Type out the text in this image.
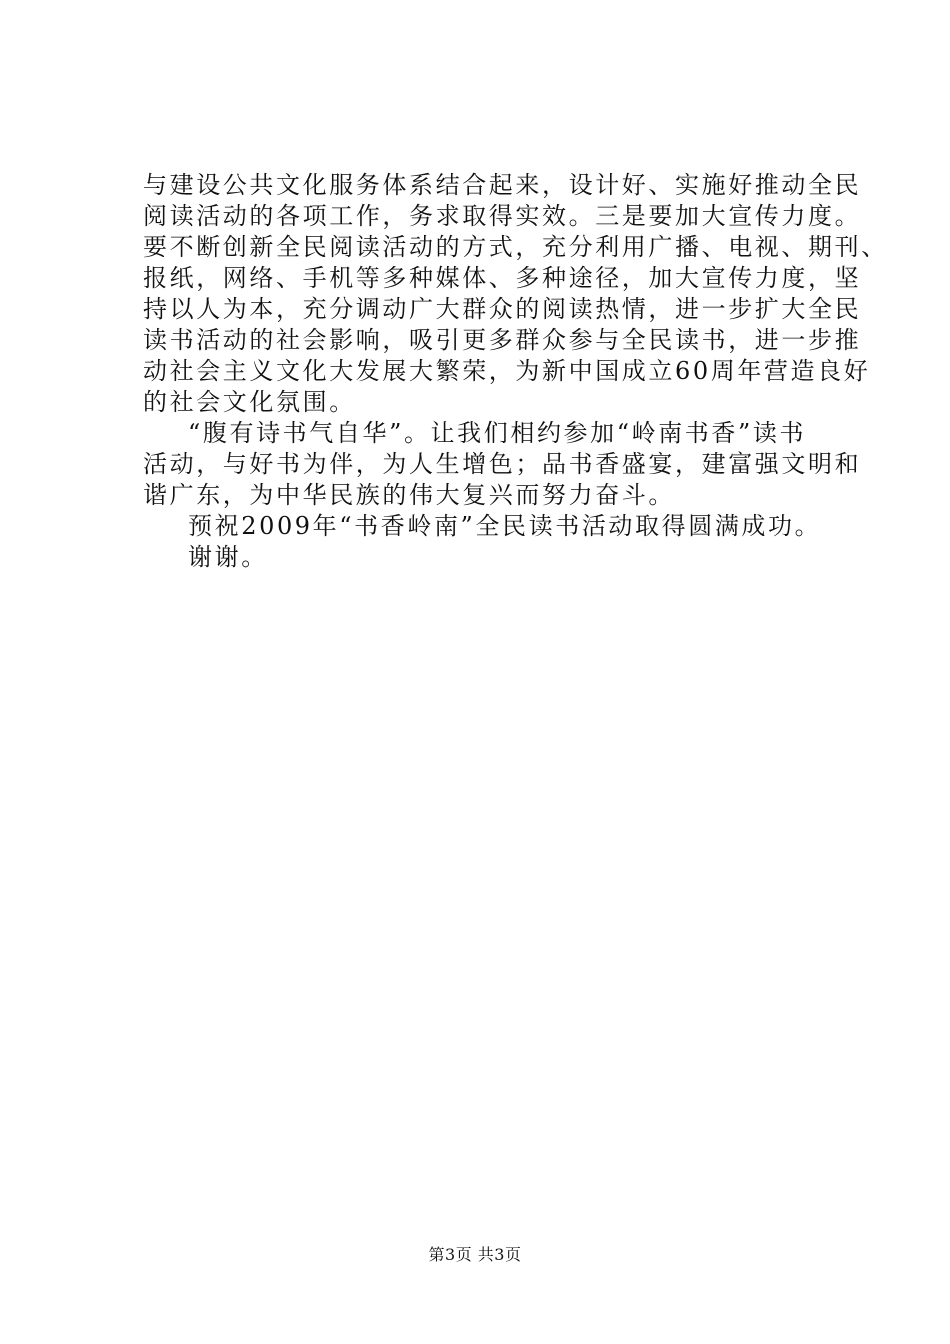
与建设公共文化服务体系结合起来，设计好、实施好推动全民
阅读活动的各项工作，务求取得实效。三是要加大宣传力度。
要不断创新全民阅读活动的方式，充分利用广播、电视、期刊、
报纸，网络、手机等多种媒体、多种途径，加大宣传力度，坚
持以人为本，充分调动广大群众的阅读热情，进一步扩大全民
读书活动的社会影响，吸引更多群众参与全民读书，进一步推
动社会主义文化大发展大繁荣，为新中国成立60周年营造良好
的社会文化氛围。
“腹有诗书气自华”。让我们相约参加“岭南书香”读书
活动，与好书为伴，为人生增色；品书香盛宴，建富强文明和
谐广东，为中华民族的伟大复兴而努力奋斗。
预祝2009年“书香岭南”全民读书活动取得圆满成功。
谢谢。
第3页 共3页
